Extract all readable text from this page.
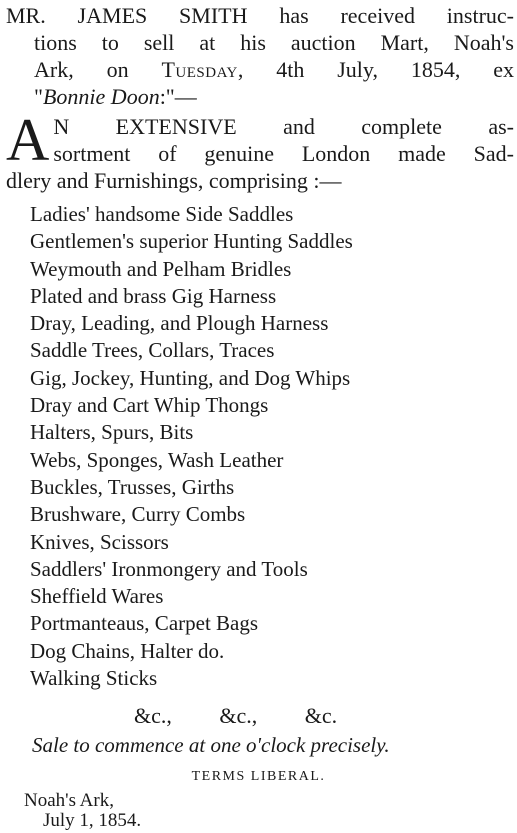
MR. JAMES SMITH has received instruc-
tions to sell at his auction Mart, Noah's
Ark, on Tuesday, 4th July, 1854, ex
"Bonnie Doon:"—
A N EXTENSIVE and complete as-
sortment of genuine London made Sad-
dlery and Furnishings, comprising :—
Ladies' handsome Side Saddles
Gentlemen's superior Hunting Saddles
Weymouth and Pelham Bridles
Plated and brass Gig Harness
Dray, Leading, and Plough Harness
Saddle Trees, Collars, Traces
Gig, Jockey, Hunting, and Dog Whips
Dray and Cart Whip Thongs
Halters, Spurs, Bits
Webs, Sponges, Wash Leather
Buckles, Trusses, Girths
Brushware, Curry Combs
Knives, Scissors
Saddlers' Ironmongery and Tools
Sheffield Wares
Portmanteaus, Carpet Bags
Dog Chains, Halter do.
Walking Sticks
&c., &c., &c.
Sale to commence at one o'clock precisely.
TERMS LIBERAL.
Noah's Ark,
July 1, 1854.
